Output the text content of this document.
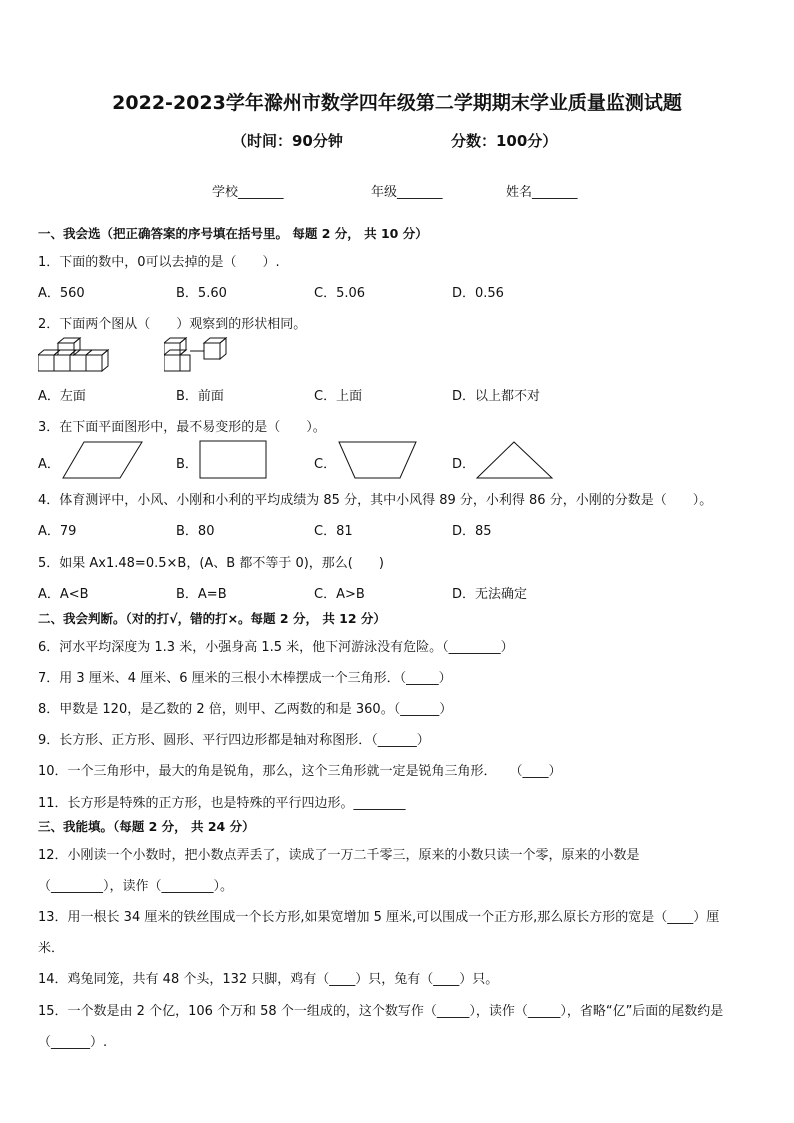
2022-2023学年滁州市数学四年级第二学期期末学业质量监测试题
（时间：90分钟	分数：100分）
学校_______	年级_______	姓名_______
一、我会选（把正确答案的序号填在括号里。 每题 2 分， 共 10 分）
1．下面的数中，0可以去掉的是（　　）.
A．560	B．5.60	C．5.06	D．0.56
2．下面两个图从（　　）观察到的形状相同。
A．左面	B．前面	C．上面	D．以上都不对
3．在下面平面图形中，最不易变形的是（　　）。
A．	B．	C．	D．
4．体育测评中，小风、小刚和小利的平均成绩为 85 分，其中小风得 89 分，小利得 86 分，小刚的分数是（　　）。
A．79	B．80	C．81	D．85
5．如果 Ax1.48=0.5×B，(A、B 都不等于 0)，那么(　　)
A．A<B	B．A=B	C．A>B	D．无法确定
二、我会判断。（对的打√，错的打×。每题 2 分， 共 12 分）
6．河水平均深度为 1.3 米，小强身高 1.5 米，他下河游泳没有危险。（________）
7．用 3 厘米、4 厘米、6 厘米的三根小木棒摆成一个三角形．（_____）
8．甲数是 120，是乙数的 2 倍，则甲、乙两数的和是 360。（______）
9．长方形、正方形、圆形、平行四边形都是轴对称图形．（______）
10．一个三角形中，最大的角是锐角，那么，这个三角形就一定是锐角三角形．　　（____）
11．长方形是特殊的正方形，也是特殊的平行四边形。________
三、我能填。（每题 2 分， 共 24 分）
12．小刚读一个小数时，把小数点弄丢了，读成了一万二千零三，原来的小数只读一个零，原来的小数是
（________），读作（________）。
13．用一根长 34 厘米的铁丝围成一个长方形,如果宽增加 5 厘米,可以围成一个正方形,那么原长方形的宽是（____）厘
米．
14．鸡兔同笼，共有 48 个头，132 只脚，鸡有（____）只，兔有（____）只。
15．一个数是由 2 个亿，106 个万和 58 个一组成的，这个数写作（_____），读作（_____），省略“亿”后面的尾数约是
（______）.
